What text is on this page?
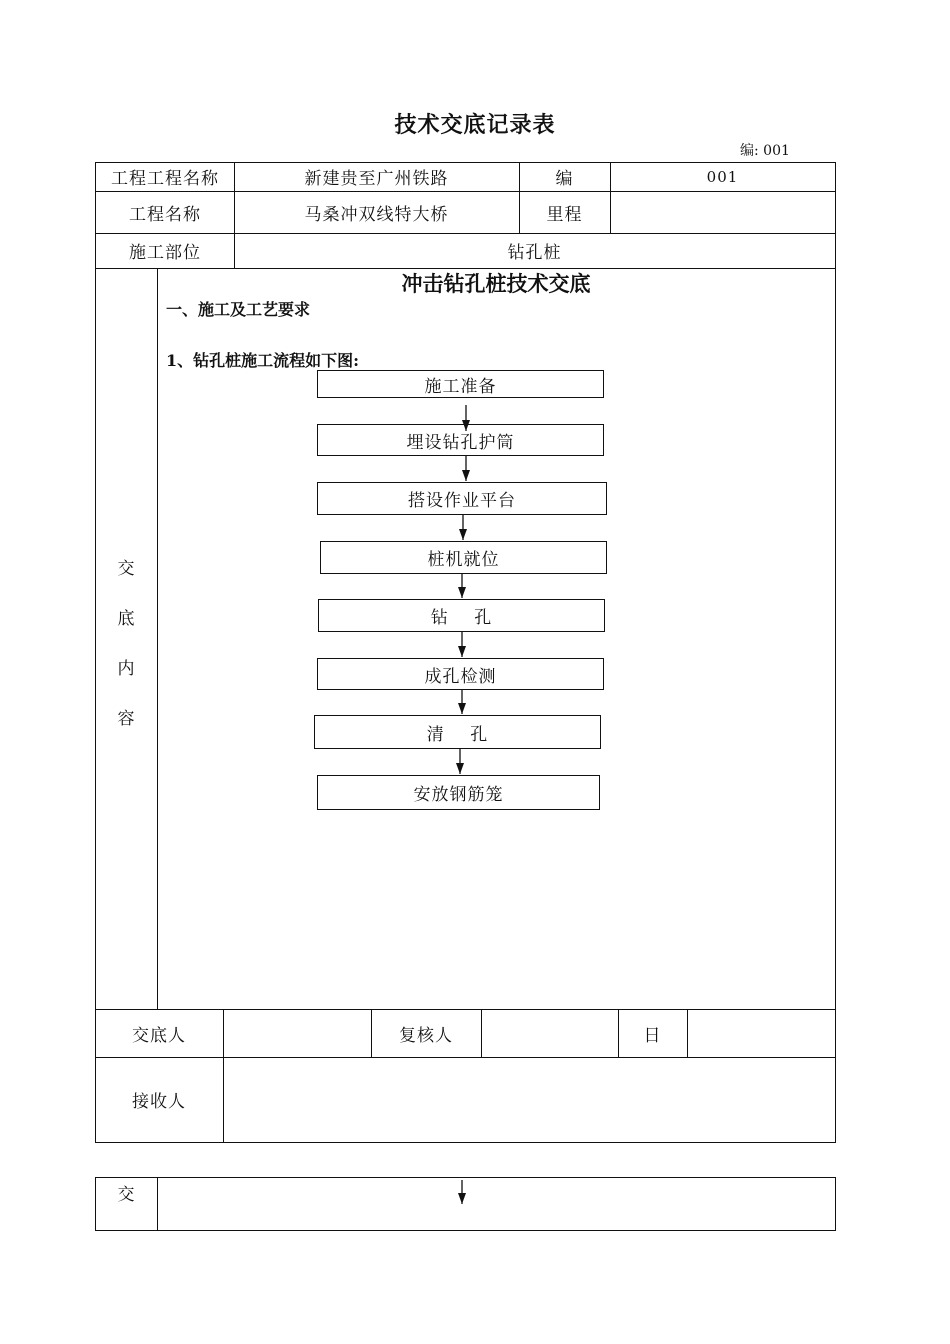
技术交底记录表
编: 001
工程工程名称	新建贵至广州铁路	编	001
工程名称	马桑冲双线特大桥	里程
施工部位	钻孔桩
交
底
内
容
冲击钻孔桩技术交底
一、施工及工艺要求
1、钻孔桩施工流程如下图:
施工准备
埋设钻孔护筒
搭设作业平台
桩机就位
钻    孔
成孔检测
清    孔
安放钢筋笼
交底人	复核人	日
接收人
交
